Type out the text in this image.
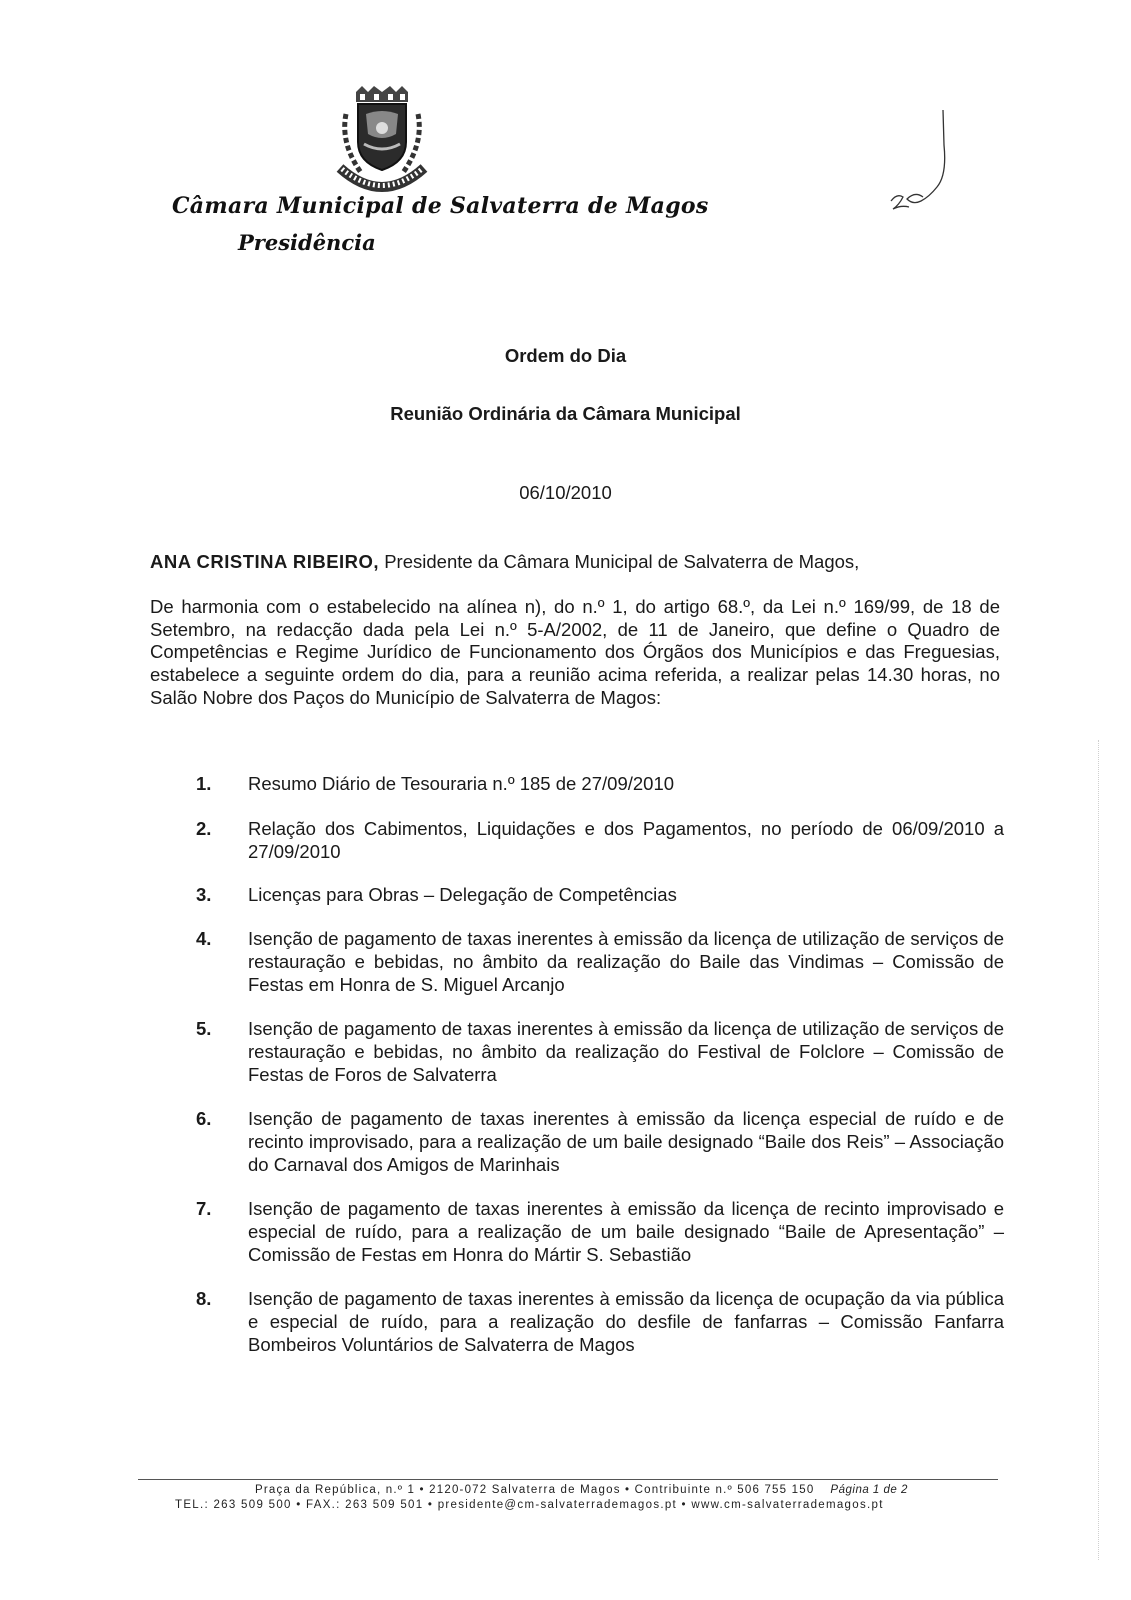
Câmara Municipal de Salvaterra de Magos
Presidência
Ordem do Dia
Reunião Ordinária da Câmara Municipal
06/10/2010
ANA CRISTINA RIBEIRO, Presidente da Câmara Municipal de Salvaterra de Magos,
De harmonia com o estabelecido na alínea n), do n.º 1, do artigo 68.º, da Lei n.º 169/99, de 18 de Setembro, na redacção dada pela Lei n.º 5-A/2002, de 11 de Janeiro, que define o Quadro de Competências e Regime Jurídico de Funcionamento dos Órgãos dos Municípios e das Freguesias, estabelece a seguinte ordem do dia, para a reunião acima referida, a realizar pelas 14.30 horas, no Salão Nobre dos Paços do Município de Salvaterra de Magos:
1.	Resumo Diário de Tesouraria n.º 185 de 27/09/2010
2.	Relação dos Cabimentos, Liquidações e dos Pagamentos, no período de 06/09/2010 a 27/09/2010
3.	Licenças para Obras – Delegação de Competências
4.	Isenção de pagamento de taxas inerentes à emissão da licença de utilização de serviços de restauração e bebidas, no âmbito da realização do Baile das Vindimas – Comissão de Festas em Honra de S. Miguel Arcanjo
5.	Isenção de pagamento de taxas inerentes à emissão da licença de utilização de serviços de restauração e bebidas, no âmbito da realização do Festival de Folclore – Comissão de Festas de Foros de Salvaterra
6.	Isenção de pagamento de taxas inerentes à emissão da licença especial de ruído e de recinto improvisado, para a realização de um baile designado “Baile dos Reis” – Associação do Carnaval dos Amigos de Marinhais
7.	Isenção de pagamento de taxas inerentes à emissão da licença de recinto improvisado e especial de ruído, para a realização de um baile designado “Baile de Apresentação” – Comissão de Festas em Honra do Mártir S. Sebastião
8.	Isenção de pagamento de taxas inerentes à emissão da licença de ocupação da via pública e especial de ruído, para a realização do desfile de fanfarras – Comissão Fanfarra Bombeiros Voluntários de Salvaterra de Magos
Praça da República, n.º 1 • 2120-072 Salvaterra de Magos • Contribuinte n.º 506 755 150 Página 1 de 2
TEL.: 263 509 500 • FAX.: 263 509 501 • presidente@cm-salvaterrademagos.pt • www.cm-salvaterrademagos.pt
